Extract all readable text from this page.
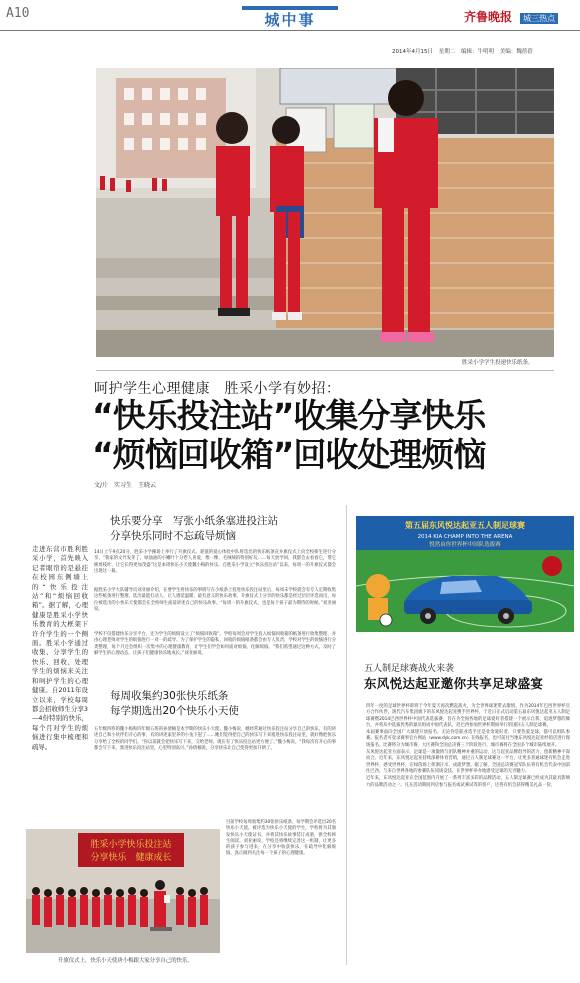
A10	城中事	齐鲁晚报 城三热点
2014年4月15日 星期二 编辑：牛明明 美编：魏蓓蓓
胜采小学学生投递快乐纸条。
呵护学生心理健康　胜采小学有妙招：
“快乐投注站”收集分享快乐
“烦恼回收箱”回收处理烦恼
文/片　实习生　王晓云
走进东营市胜利胜采小学，首先映入记者眼帘的是悬挂在校园东侧墙上的“快乐投注站”和“烦恼回收箱”。据了解，心理健康是胜采小学快乐教育的大框架下许介学生的一个侧面。胜采小学通过收集、分享学生的快乐、回收、处理学生的烦恼来关注和呵护学生的心理健康。自2011年设立以来，学校每周都会招收师生分享3—4份特别的快乐，每个月对学生的烦恼进行集中梳理和疏导。
快乐要分享　写张小纸条塞进投注站
分享快乐同时不忘疏导烦恼
14日上午9点20分，胜采小学操场上举行了升旗仪式。轮值的爱心体验中队将选出的快乐纸条宣并旗仪式上向全校师生进行分享。“我家的文竹发芽了，绿油油的小嫩叶十分惹人喜爱，像一棵，毛绒绒的特别好玩……每天放学回，我都会去看看它，帮它修剪枝叶，让它长得更加茂盛”这是本周快乐小天使魏小梅的快乐。自胜采小学设立“快乐投注站”以来，每周一的升旗仪式都会出现这一幕。
据胜采小学大队辅导员刘亚丽介绍，在要学生将快乐的事情写在小纸条上投进快乐投注站里后，每周末学校就会有专人定期收集这些纸条进行整理，选出最能打动人、让人感觉温暖、最有意义的快乐故事。升旗仪式上分享的快乐都是经过层层评选而出，每位被选出的小快乐天使都会在全校师生面前讲述自己的快乐故事。“每周一的升旗仪式，也是每个孩子最为期待的时候。”刘亚丽说。
学校不仅搭建快乐分享平台，还为学生的烦恼设立了“烦恼回收箱”。学校每周会对学生投入烦恼回收箱的纸条进行收集整理，并由心理老师对学生的烦恼进行一对一的疏导。为了保护学生的隐私，回收的烦恼纸条都会由专人负责，学校对学生的烦恼进行分类整理，每个月还会组织一次集中的心理健康教育，让学生们学会如何面对烦恼、化解烦恼。“我们希望通过这种方式，及时了解学生的心理动态，让孩子们健康快乐地成长。”刘亚丽说。
每周收集约30张快乐纸条
每学期选出20个快乐小天使
五年级四班的魏小梅和四年级五班的孙倩楠是本学期的快乐小天使。魏小梅说，她经常通过快乐投注站分享自己的快乐，有的讲述自己和小伙伴们开心的事，有的讲述家里养的小兔下崽了……她们觉得把自己的快乐写下来塞进快乐投注站里，就好像把快乐分享给了全校的同学们。“你以前就会把快乐写下来，交给老师，现在有了快乐投注站更方便了。”魏小梅说。“我每次有开心的事都会写下来，塞进快乐投注站里，心里特别高兴。”孙倩楠说，分享快乐让自己变得更加开朗了。
目前学校每周收集约30张快乐纸条，每学期会评选出20名快乐小天使。被评选为快乐小天使的学生，学校将为其颁发快乐小天使证书，并将其快乐故事装订成册，供全校师生阅读。刘亚丽说，学校还将继续完善这一机制，让更多的孩子参与进来，在分享中收获快乐，在疏导中化解烦恼，真正做到关注每一个孩子的心理健康。
胜采小学快乐投注站
分享快乐　健康成长
升旗仪式上，快乐小天使唐小梅跟大家分享自己的快乐。
第五届东风悦达起亚五人制足球赛
2014 KIA CHAMP INTO THE ARENA
悦然由你世界杯中国队选拔赛
五人制足球赛战火来袭
东风悦达起亚邀你共享足球盛宴
四年一度的足球世界杯即将于今年夏天再次燃起战火，为全世界球迷带去激情。作为2014年巴西世界杯官方合作伙伴，现代汽车集团旗下的东风悦达起亚携手世界杯，于近日正式启动第五届东风悦达起亚五人制足球赛暨2014巴西世界杯中国代表选拔赛，旨在为全国各地的足球爱好者搭建一个展示自我、追逐梦想的舞台，并将从中选拔优秀的球员组成中国代表队，赴巴西参加世界杯期间举行的国际五人制足球赛。
本届赛事面向全国广大球迷开放报名，无论你是职业选手还是业余爱好者，只要热爱足球，都可以组队参赛。报名者可登录赛事官方网站（www.dyk.com.cn）在线报名，也可前往当地东风悦达起亚经销店进行现场报名。比赛将分为城市赛、大区赛和全国总决赛三个阶段进行，城市赛将在全国多个城市陆续展开。
东风悦达起亚方面表示，足球是一项激情与团队精神并重的运动，这与起亚品牌倡导的活力、创新精神不谋而合。近年来，东风悦达起亚持续深耕体育营销，通过五人制足球赛这一平台，让更多普通球迷有机会走进世界杯、感受世界杯，在绿茵场上挥洒汗水、成就梦想。据了解，全国总决赛冠军队伍将有机会代表中国前往巴西，与来自世界各地的参赛队伍同场竞技，在世界杯举办地感受足球的无穷魅力。
近年来，东风悦达起亚在全国范围内开展了一系列丰富多彩的品牌活动，五人制足球赛已经成为其最具影响力的品牌活动之一。凡在活动期间到店参与报名或试乘试驾的客户，还将有机会获得精美礼品一份。
